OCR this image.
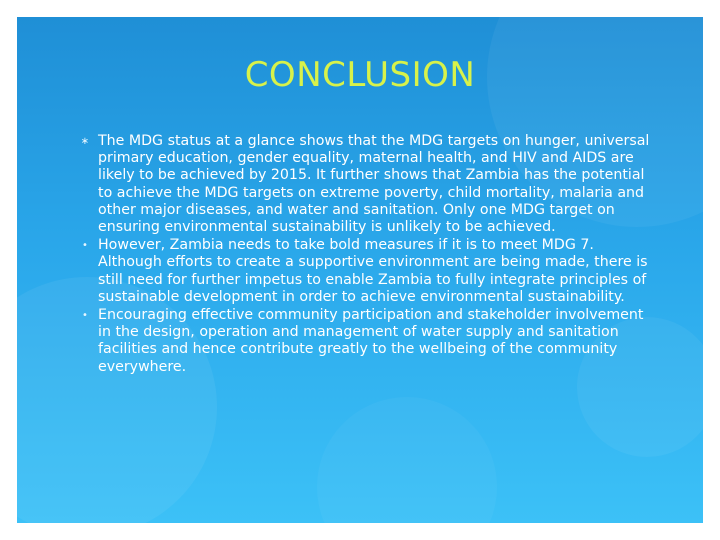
CONCLUSION
∗ The MDG status at a glance shows that the MDG targets on hunger, universal primary education, gender equality, maternal health, and HIV and AIDS are likely to be achieved by 2015. It further shows that Zambia has the potential to achieve the MDG targets on extreme poverty, child mortality, malaria and other major diseases, and water and sanitation. Only one MDG target on ensuring environmental sustainability is unlikely to be achieved.
• However, Zambia needs to take bold measures if it is to meet MDG 7. Although efforts to create a supportive environment are being made, there is still need for further impetus to enable Zambia to fully integrate principles of sustainable development in order to achieve environmental sustainability.
• Encouraging effective community participation and stakeholder involvement in the design, operation and management of water supply and sanitation facilities and hence contribute greatly to the wellbeing of the community everywhere.
